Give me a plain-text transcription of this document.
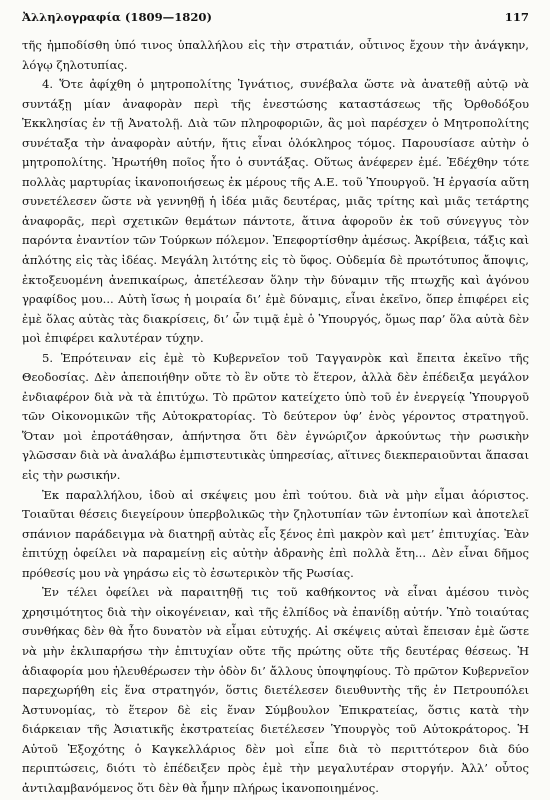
Ἀλληλογραφία (1809—1820)	117

τῆς ἠμποδίσθη ὑπό τινος ὑπαλλήλου εἰς τὴν στρατιάν, οὗτινος ἔχουν τὴν ἀνάγκην, λόγῳ ζηλοτυπίας.

4. Ὅτε ἀφίχθη ὁ μητροπολίτης Ἰγνάτιος, συνέβαλα ὥστε νὰ ἀνατεθῇ αὐτῷ νὰ συντάξῃ μίαν ἀναφορὰν περὶ τῆς ἐνεστώσης καταστάσεως τῆς Ὀρθοδόξου Ἐκκλησίας ἐν τῇ Ἀνατολῇ. Διὰ τῶν πληροφοριῶν, ἃς μοὶ παρέσχεν ὁ Μητροπολίτης συνέταξα τὴν ἀναφορὰν αὐτήν, ἥτις εἶναι ὁλόκληρος τόμος. Παρουσίασε αὐτὴν ὁ μητροπολίτης. Ἠρωτήθη ποῖος ἦτο ὁ συντάξας. Οὕτως ἀνέφερεν ἐμέ. Ἐδέχθην τότε πολλὰς μαρτυρίας ἱκανοποιήσεως ἐκ μέρους τῆς Α.Ε. τοῦ Ὑπουργοῦ. Ἡ ἐργασία αὕτη συνετέλεσεν ὥστε νὰ γεννηθῇ ἡ ἰδέα μιᾶς δευτέρας, μιᾶς τρίτης καὶ μιᾶς τετάρτης ἀναφορᾶς, περὶ σχετικῶν θεμάτων πάντοτε, ἅτινα ἀφοροῦν ἐκ τοῦ σύνεγγυς τὸν παρόντα ἐναντίον τῶν Τούρκων πόλεμον. Ἐπεφορτίσθην ἀμέσως. Ἀκρίβεια, τάξις καὶ ἁπλότης εἰς τὰς ἰδέας. Μεγάλη λιτότης εἰς τὸ ὕφος. Οὐδεμία δὲ πρωτότυπος ἄποψις, ἐκτοξευομένη ἀνεπικαίρως, ἀπετέλεσαν ὅλην τὴν δύναμιν τῆς πτωχῆς καὶ ἀγόνου γραφίδος μου... Αὐτὴ ἴσως ἡ μοιραία δι’ ἐμὲ δύναμις, εἶναι ἐκεῖνο, ὅπερ ἐπιφέρει εἰς ἐμὲ ὅλας αὐτὰς τὰς διακρίσεις, δι’ ὧν τιμᾷ ἐμὲ ὁ Ὑπουργός, ὅμως παρ’ ὅλα αὐτὰ δὲν μοὶ ἐπιφέρει καλυτέραν τύχην.

5. Ἐπρότειναν εἰς ἐμὲ τὸ Κυβερνεῖον τοῦ Ταγγανρὸκ καὶ ἔπειτα ἐκεῖνο τῆς Θεοδοσίας. Δὲν ἀπεποιήθην οὔτε τὸ ἓν οὔτε τὸ ἕτερον, ἀλλὰ δὲν ἐπέδειξα μεγάλον ἐνδιαφέρον διὰ νὰ τὰ ἐπιτύχω. Τὸ πρῶτον κατείχετο ὑπὸ τοῦ ἐν ἐνεργείᾳ Ὑπουργοῦ τῶν Οἰκονομικῶν τῆς Αὐτοκρατορίας. Τὸ δεύτερον ὑφ’ ἑνὸς γέροντος στρατηγοῦ. Ὅταν μοὶ ἐπροτάθησαν, ἀπήντησα ὅτι δὲν ἐγνώριζον ἀρκούντως τὴν ρωσικὴν γλῶσσαν διὰ νὰ ἀναλάβω ἐμπιστευτικὰς ὑπηρεσίας, αἵτινες διεκπεραιοῦνται ἅπασαι εἰς τὴν ρωσικήν.

Ἐκ παραλλήλου, ἰδοὺ αἱ σκέψεις μου ἐπὶ τούτου. διὰ νὰ μὴν εἶμαι ἀόριστος. Τοιαῦται θέσεις διεγείρουν ὑπερβολικῶς τὴν ζηλοτυπίαν τῶν ἐντοπίων καὶ ἀποτελεῖ σπάνιον παράδειγμα νὰ διατηρῇ αὐτὰς εἷς ξένος ἐπὶ μακρὸν καὶ μετ’ ἐπιτυχίας. Ἐὰν ἐπιτύχῃ ὀφείλει νὰ παραμείνῃ εἰς αὐτὴν ἀδρανὴς ἐπὶ πολλὰ ἔτη... Δὲν εἶναι δῆμος πρόθεσίς μου νὰ γηράσω εἰς τὸ ἐσωτερικὸν τῆς Ρωσίας.

Ἐν τέλει ὀφείλει νὰ παραιτηθῇ τις τοῦ καθήκοντος νὰ εἶναι ἀμέσου τινὸς χρησιμότητος διὰ τὴν οἰκογένειαν, καὶ τῆς ἐλπίδος νὰ ἐπανίδῃ αὐτήν. Ὑπὸ τοιαύτας συνθήκας δὲν θὰ ἦτο δυνατὸν νὰ εἶμαι εὐτυχής. Αἱ σκέψεις αὐταὶ ἔπεισαν ἐμὲ ὥστε νὰ μὴν ἐκλιπαρήσω τὴν ἐπιτυχίαν οὔτε τῆς πρώτης οὔτε τῆς δευτέρας θέσεως. Ἡ ἀδιαφορία μου ἠλευθέρωσεν τὴν ὁδὸν δι’ ἄλλους ὑποψηφίους. Τὸ πρῶτον Κυβερνεῖον παρεχωρήθη εἰς ἕνα στρατηγόν, ὅστις διετέλεσεν διευθυντὴς τῆς ἐν Πετρουπόλει Ἀστυνομίας, τὸ ἕτερον δὲ εἰς ἕναν Σύμβουλον Ἐπικρατείας, ὅστις κατὰ τὴν διάρκειαν τῆς Ἀσιατικῆς ἐκστρατείας διετέλεσεν Ὑπουργὸς τοῦ Αὐτοκράτορος. Ἡ Αὐτοῦ Ἐξοχότης ὁ Καγκελλάριος δὲν μοὶ εἶπε διὰ τὸ περιττότερον διὰ δύο περιπτώσεις, διότι τὸ ἐπέδειξεν πρὸς ἐμὲ τὴν μεγαλυτέραν στοργήν. Ἀλλ’ οὗτος ἀντιλαμβανόμενος ὅτι δὲν θὰ ἦμην πλήρως ἱκανοποιημένος.
